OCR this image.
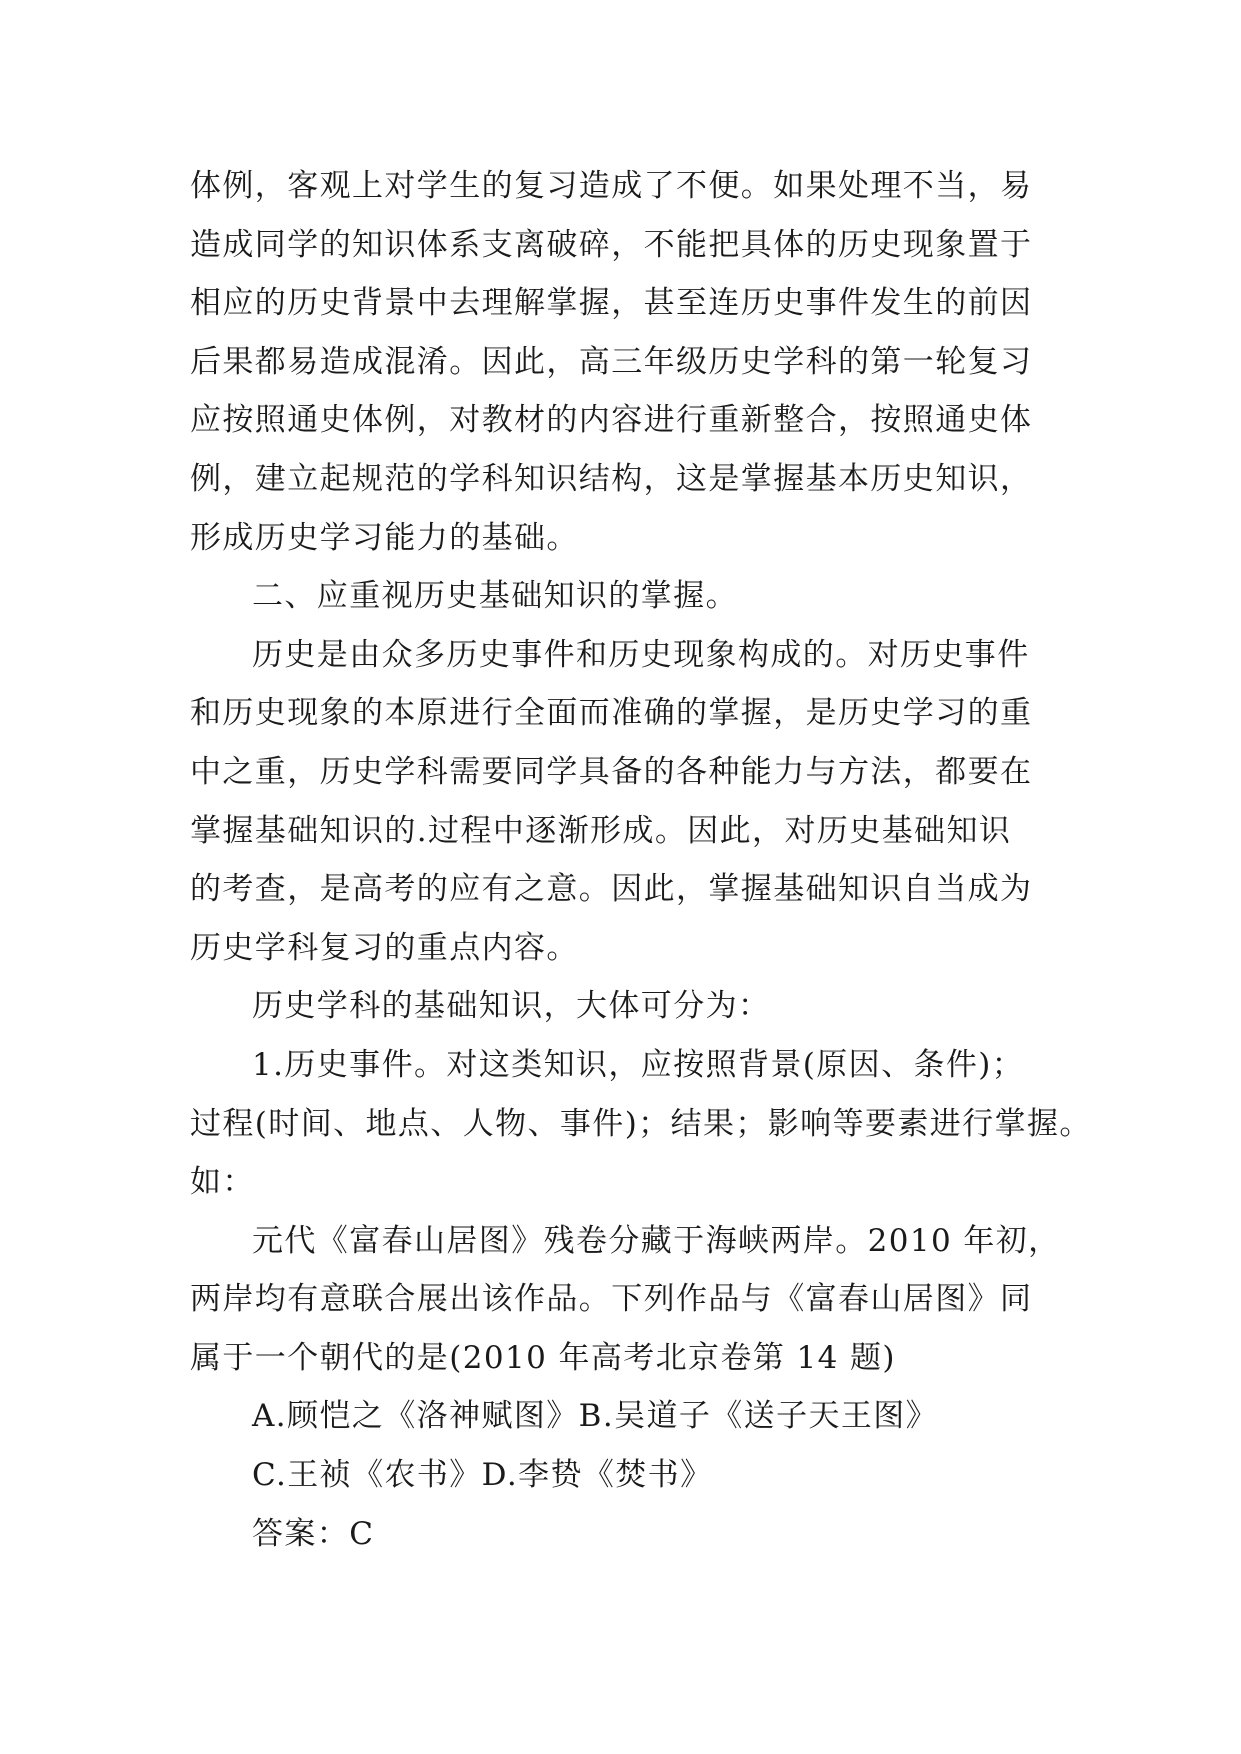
体例，客观上对学生的复习造成了不便。如果处理不当，易
造成同学的知识体系支离破碎，不能把具体的历史现象置于
相应的历史背景中去理解掌握，甚至连历史事件发生的前因
后果都易造成混淆。因此，高三年级历史学科的第一轮复习
应按照通史体例，对教材的内容进行重新整合，按照通史体
例，建立起规范的学科知识结构，这是掌握基本历史知识，
形成历史学习能力的基础。

二、应重视历史基础知识的掌握。

历史是由众多历史事件和历史现象构成的。对历史事件
和历史现象的本原进行全面而准确的掌握，是历史学习的重
中之重，历史学科需要同学具备的各种能力与方法，都要在
掌握基础知识的.过程中逐渐形成。因此，对历史基础知识
的考查，是高考的应有之意。因此，掌握基础知识自当成为
历史学科复习的重点内容。

历史学科的基础知识，大体可分为：

1.历史事件。对这类知识，应按照背景(原因、条件)；
过程(时间、地点、人物、事件)；结果；影响等要素进行掌握。
如：

元代《富春山居图》残卷分藏于海峡两岸。2010 年初，
两岸均有意联合展出该作品。下列作品与《富春山居图》同
属于一个朝代的是(2010 年高考北京卷第 14 题)

A.顾恺之《洛神赋图》B.吴道子《送子天王图》

C.王祯《农书》D.李贽《焚书》

答案：C
